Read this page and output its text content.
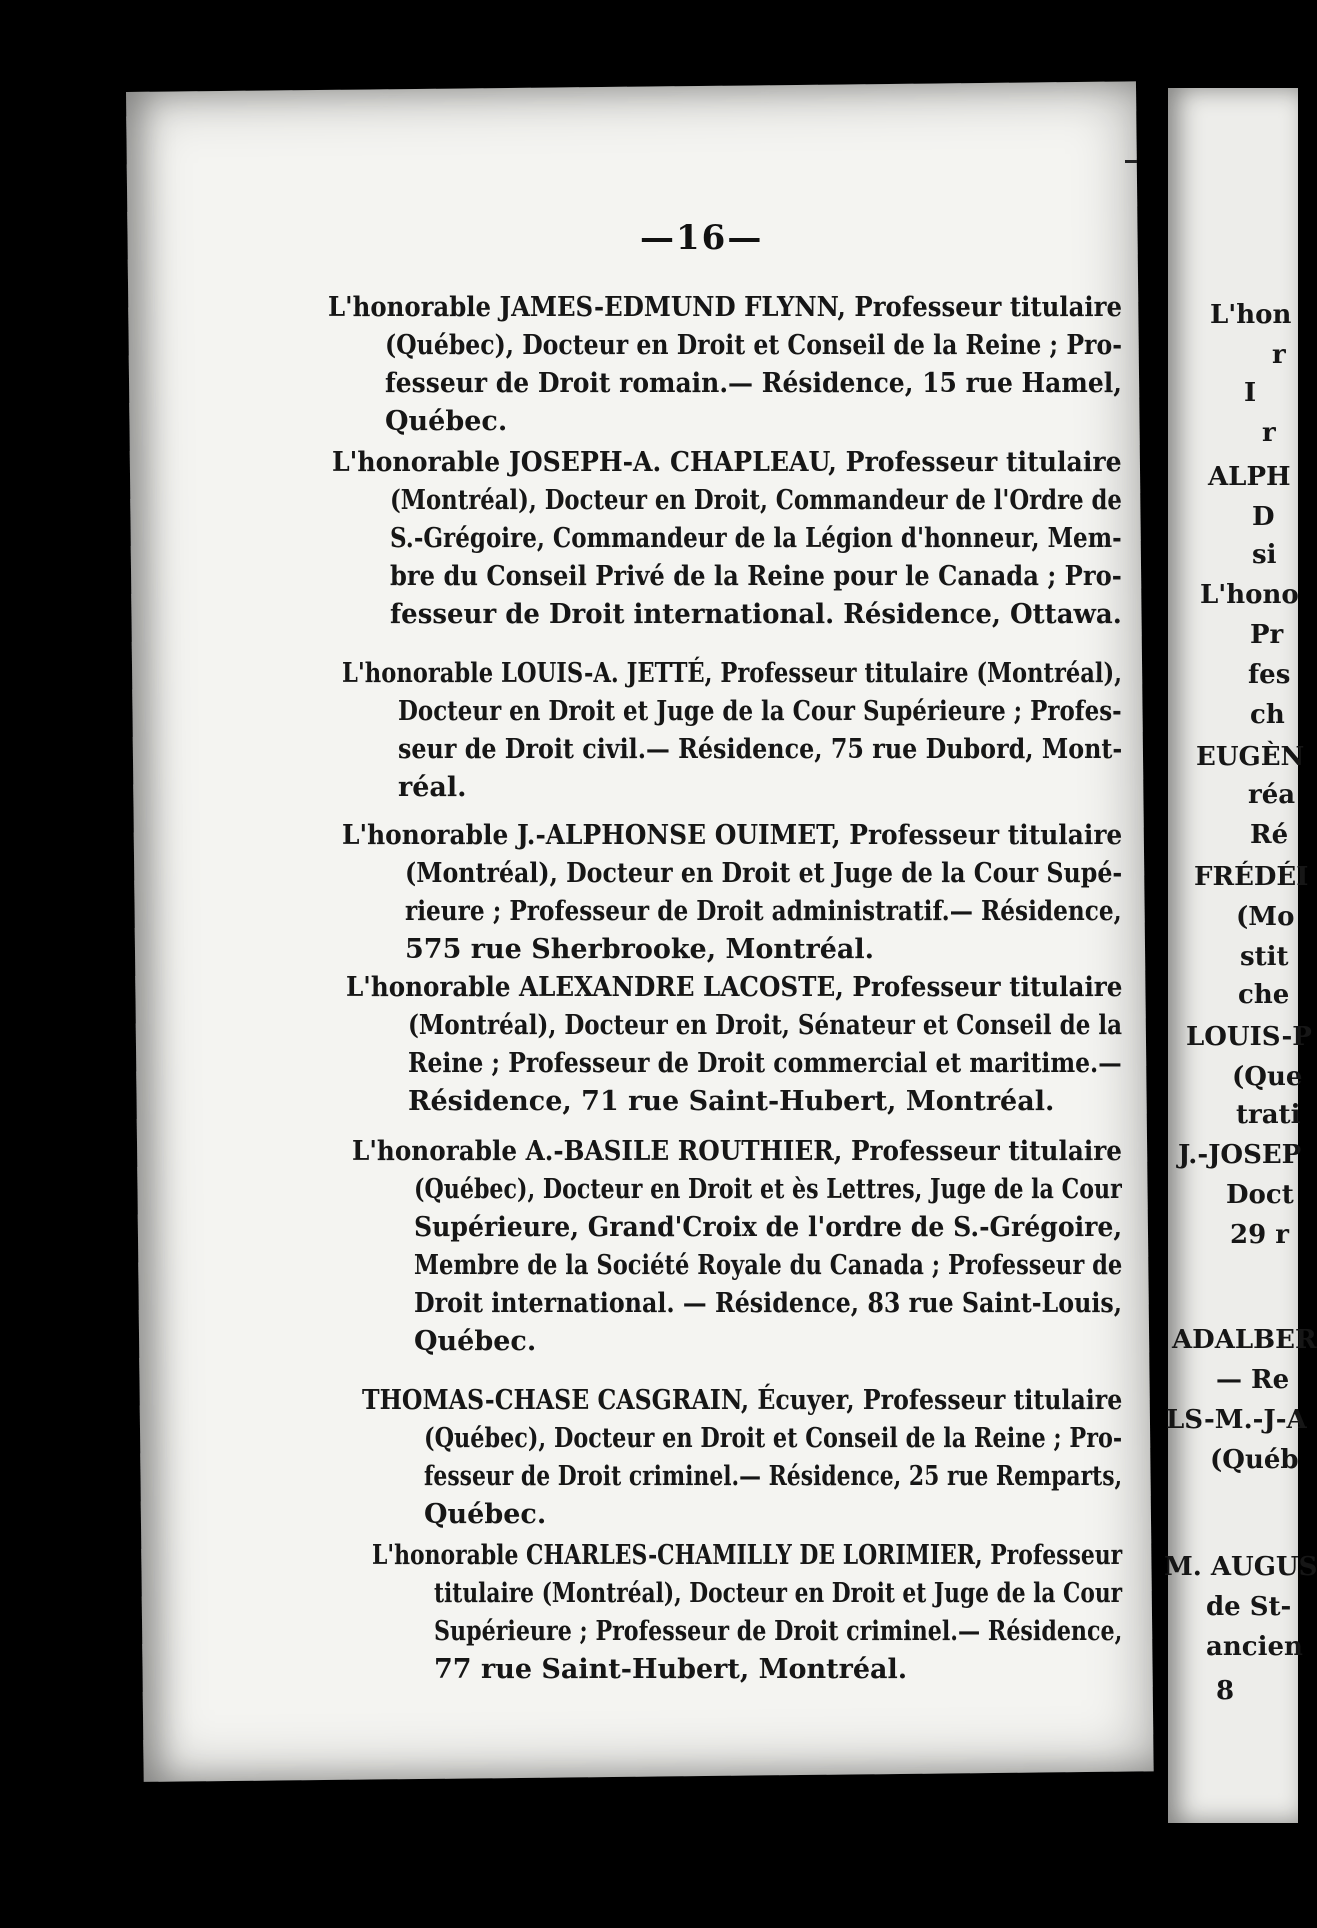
—16—
L'honorable JAMES-EDMUND FLYNN, Professeur titulaire
(Québec), Docteur en Droit et Conseil de la Reine ; Pro-
fesseur de Droit romain.— Résidence, 15 rue Hamel,
Québec.
L'honorable JOSEPH-A. CHAPLEAU, Professeur titulaire
(Montréal), Docteur en Droit, Commandeur de l'Ordre de
S.-Grégoire, Commandeur de la Légion d'honneur, Mem-
bre du Conseil Privé de la Reine pour le Canada ; Pro-
fesseur de Droit international. Résidence, Ottawa.
L'honorable LOUIS-A. JETTÉ, Professeur titulaire (Montréal),
Docteur en Droit et Juge de la Cour Supérieure ; Profes-
seur de Droit civil.— Résidence, 75 rue Dubord, Mont-
réal.
L'honorable J.-ALPHONSE OUIMET, Professeur titulaire
(Montréal), Docteur en Droit et Juge de la Cour Supé-
rieure ; Professeur de Droit administratif.— Résidence,
575 rue Sherbrooke, Montréal.
L'honorable ALEXANDRE LACOSTE, Professeur titulaire
(Montréal), Docteur en Droit, Sénateur et Conseil de la
Reine ; Professeur de Droit commercial et maritime.—
Résidence, 71 rue Saint-Hubert, Montréal.
L'honorable A.-BASILE ROUTHIER, Professeur titulaire
(Québec), Docteur en Droit et ès Lettres, Juge de la Cour
Supérieure, Grand'Croix de l'ordre de S.-Grégoire,
Membre de la Société Royale du Canada ; Professeur de
Droit international. — Résidence, 83 rue Saint-Louis,
Québec.
THOMAS-CHASE CASGRAIN, Écuyer, Professeur titulaire
(Québec), Docteur en Droit et Conseil de la Reine ; Pro-
fesseur de Droit criminel.— Résidence, 25 rue Remparts,
Québec.
L'honorable CHARLES-CHAMILLY DE LORIMIER, Professeur
titulaire (Montréal), Docteur en Droit et Juge de la Cour
Supérieure ; Professeur de Droit criminel.— Résidence,
77 rue Saint-Hubert, Montréal.
L'hon
r
I
r
ALPH
D
si
L'hono
Pr
fes
ch
EUGÈN
réa
Ré
FRÉDÉI
(Mo
stit
che
LOUIS-P
(Que
trati
J.-JOSEP
Doct
29 r
ADALBER
— Re
LS-M.-J-A
(Québ
M. AUGUS
de St-
ancien
8
